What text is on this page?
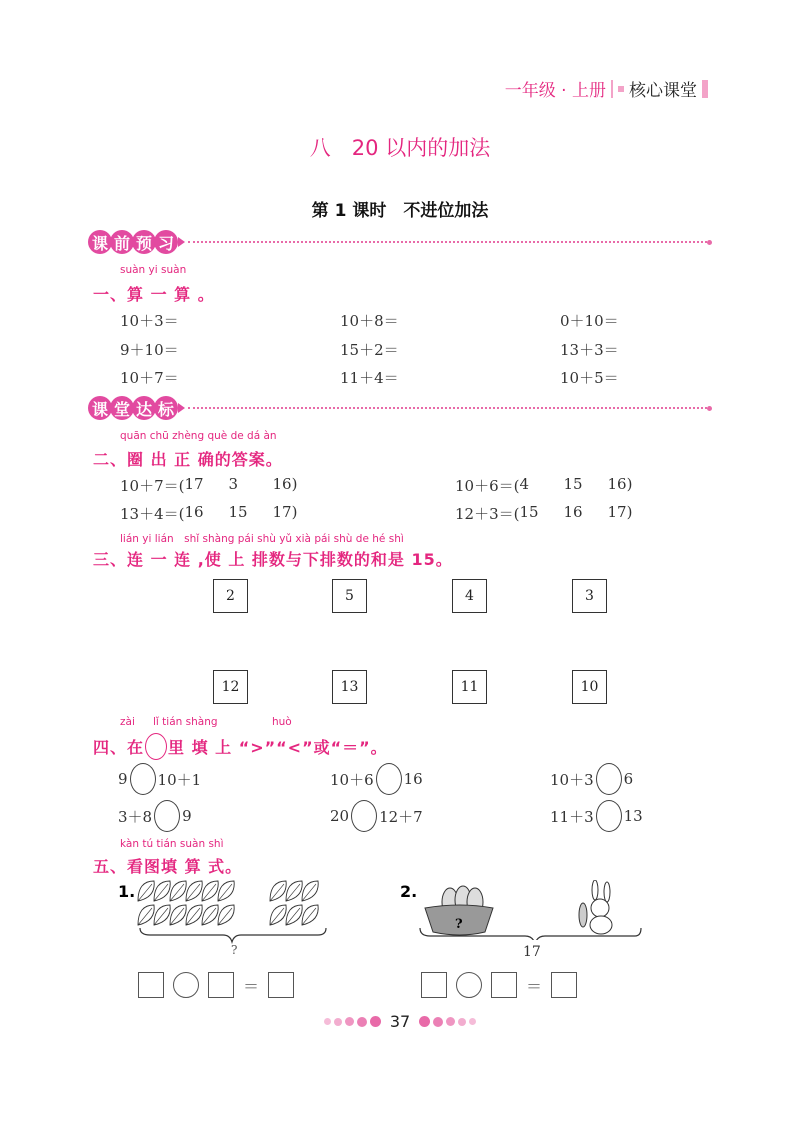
一年级 · 上册 核心课堂
八　20 以内的加法
第 1 课时　不进位加法
课 前 预 习
suàn yi suàn
一、算 一 算 。
10＋3＝	10＋8＝	0＋10＝
9＋10＝	15＋2＝	13＋3＝
10＋7＝	11＋4＝	10＋5＝
课 堂 达 标
quān chū zhèng què de dá àn
二、圈 出 正 确的答案。
lián yi lián　shǐ shàng pái shù yǔ xià pái shù de hé shì
三、连 一 连 ,使 上 排数与下排数的和是 15。
zài lǐ tián shàng	huò
四、在 里 填 上 “>”“<”或“＝”。
kàn tú tián suàn shì
五、看图填 算 式。
1.
?
2.
?
17
＝	＝
37
10＋7＝( 17	3	16)	10＋6＝( 4	15	16)
13＋4＝( 16	15	17)	12＋3＝( 15	16	17)
2	5	4	3
12	13	11	10
9 10＋1	10＋6 16	10＋3 6
3＋8 9	20 12＋7	11＋3 13
